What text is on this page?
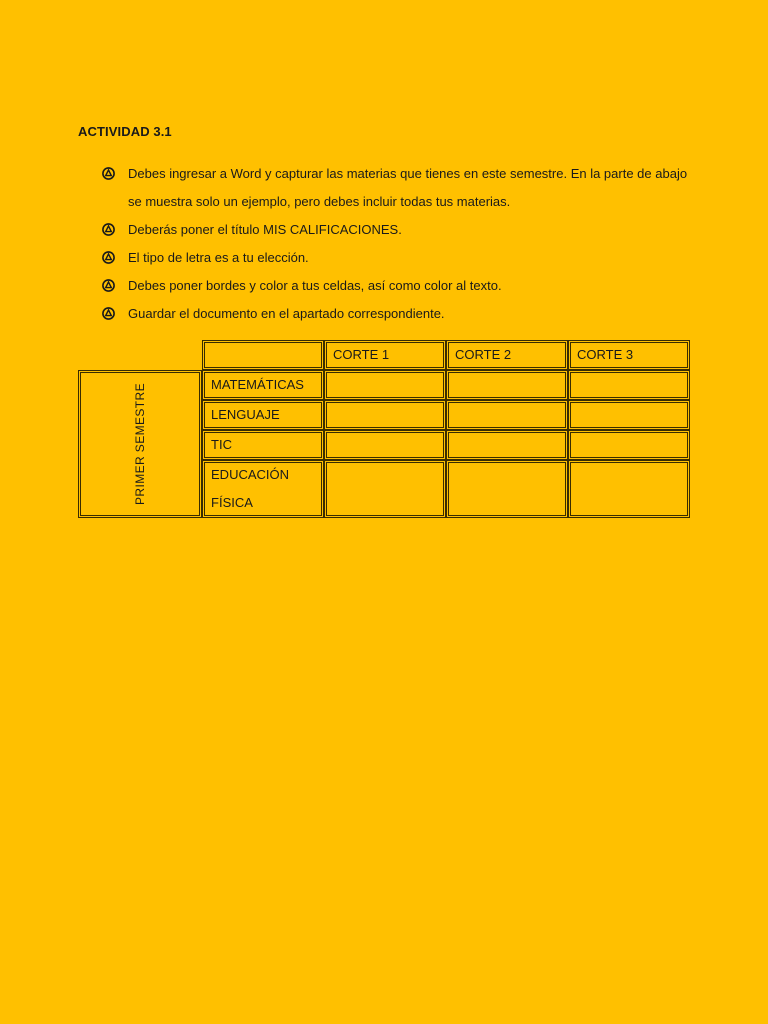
ACTIVIDAD 3.1
Debes ingresar a Word y capturar las materias que tienes en este semestre. En la parte de abajo se muestra solo un ejemplo, pero debes incluir todas tus materias.
Deberás poner el título MIS CALIFICACIONES.
El tipo de letra es a tu elección.
Debes poner bordes y color a tus celdas, así como color al texto.
Guardar el documento en el apartado correspondiente.
		CORTE 1	CORTE 2	CORTE 3
PRIMER SEMESTRE	MATEMÁTICAS			
	LENGUAJE			
	TIC			
	EDUCACIÓN FÍSICA			
